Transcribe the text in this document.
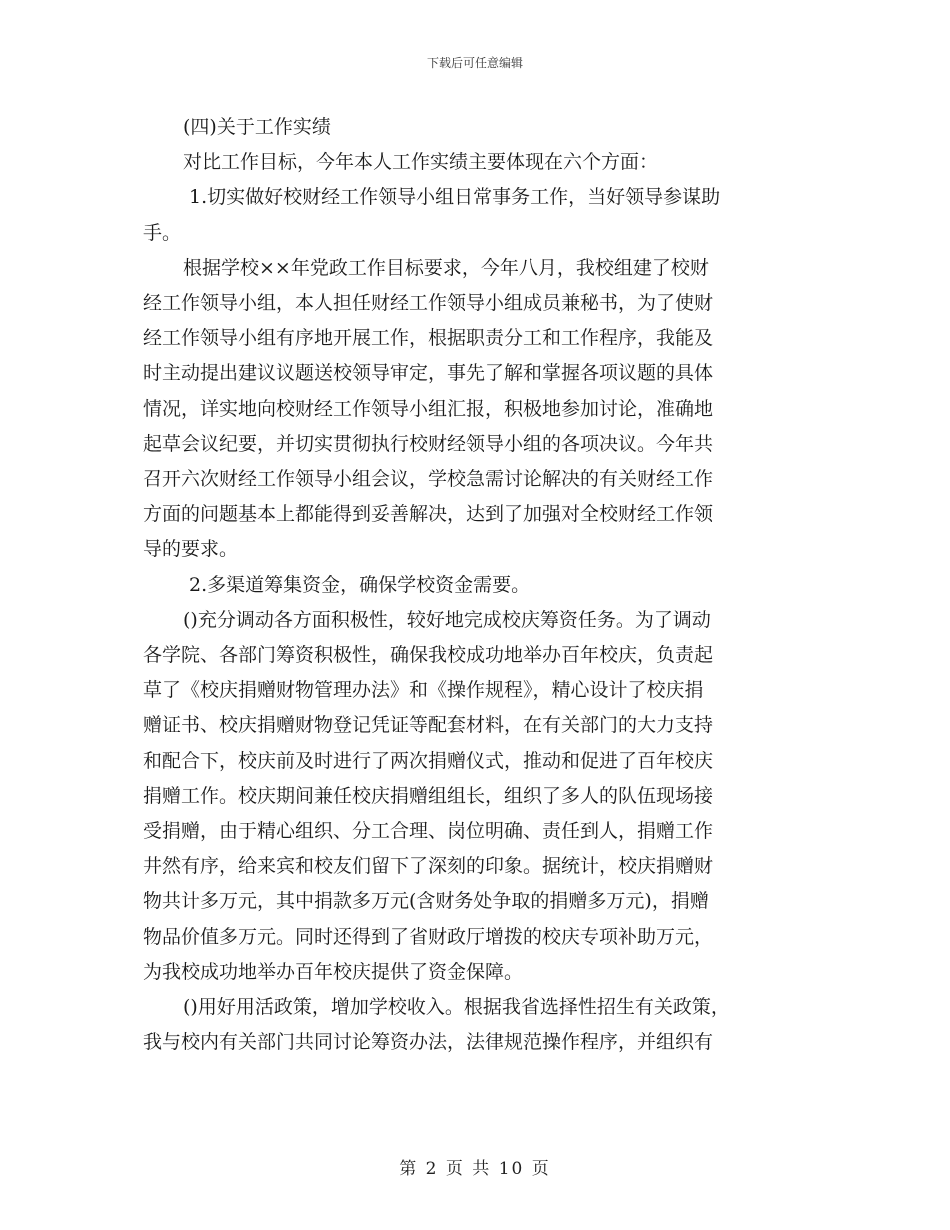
下载后可任意编辑
(四)关于工作实绩
对比工作目标，今年本人工作实绩主要体现在六个方面：
1.切实做好校财经工作领导小组日常事务工作，当好领导参谋助
手。
根据学校××年党政工作目标要求，今年八月，我校组建了校财
经工作领导小组，本人担任财经工作领导小组成员兼秘书，为了使财
经工作领导小组有序地开展工作，根据职责分工和工作程序，我能及
时主动提出建议议题送校领导审定，事先了解和掌握各项议题的具体
情况，详实地向校财经工作领导小组汇报，积极地参加讨论，准确地
起草会议纪要，并切实贯彻执行校财经领导小组的各项决议。今年共
召开六次财经工作领导小组会议，学校急需讨论解决的有关财经工作
方面的问题基本上都能得到妥善解决，达到了加强对全校财经工作领
导的要求。
2.多渠道筹集资金，确保学校资金需要。
()充分调动各方面积极性，较好地完成校庆筹资任务。为了调动
各学院、各部门筹资积极性，确保我校成功地举办百年校庆，负责起
草了《校庆捐赠财物管理办法》和《操作规程》，精心设计了校庆捐
赠证书、校庆捐赠财物登记凭证等配套材料，在有关部门的大力支持
和配合下，校庆前及时进行了两次捐赠仪式，推动和促进了百年校庆
捐赠工作。校庆期间兼任校庆捐赠组组长，组织了多人的队伍现场接
受捐赠，由于精心组织、分工合理、岗位明确、责任到人，捐赠工作
井然有序，给来宾和校友们留下了深刻的印象。据统计，校庆捐赠财
物共计多万元，其中捐款多万元(含财务处争取的捐赠多万元)，捐赠
物品价值多万元。同时还得到了省财政厅增拨的校庆专项补助万元，
为我校成功地举办百年校庆提供了资金保障。
()用好用活政策，增加学校收入。根据我省选择性招生有关政策，
我与校内有关部门共同讨论筹资办法，法律规范操作程序，并组织有
第 2 页 共 10 页
